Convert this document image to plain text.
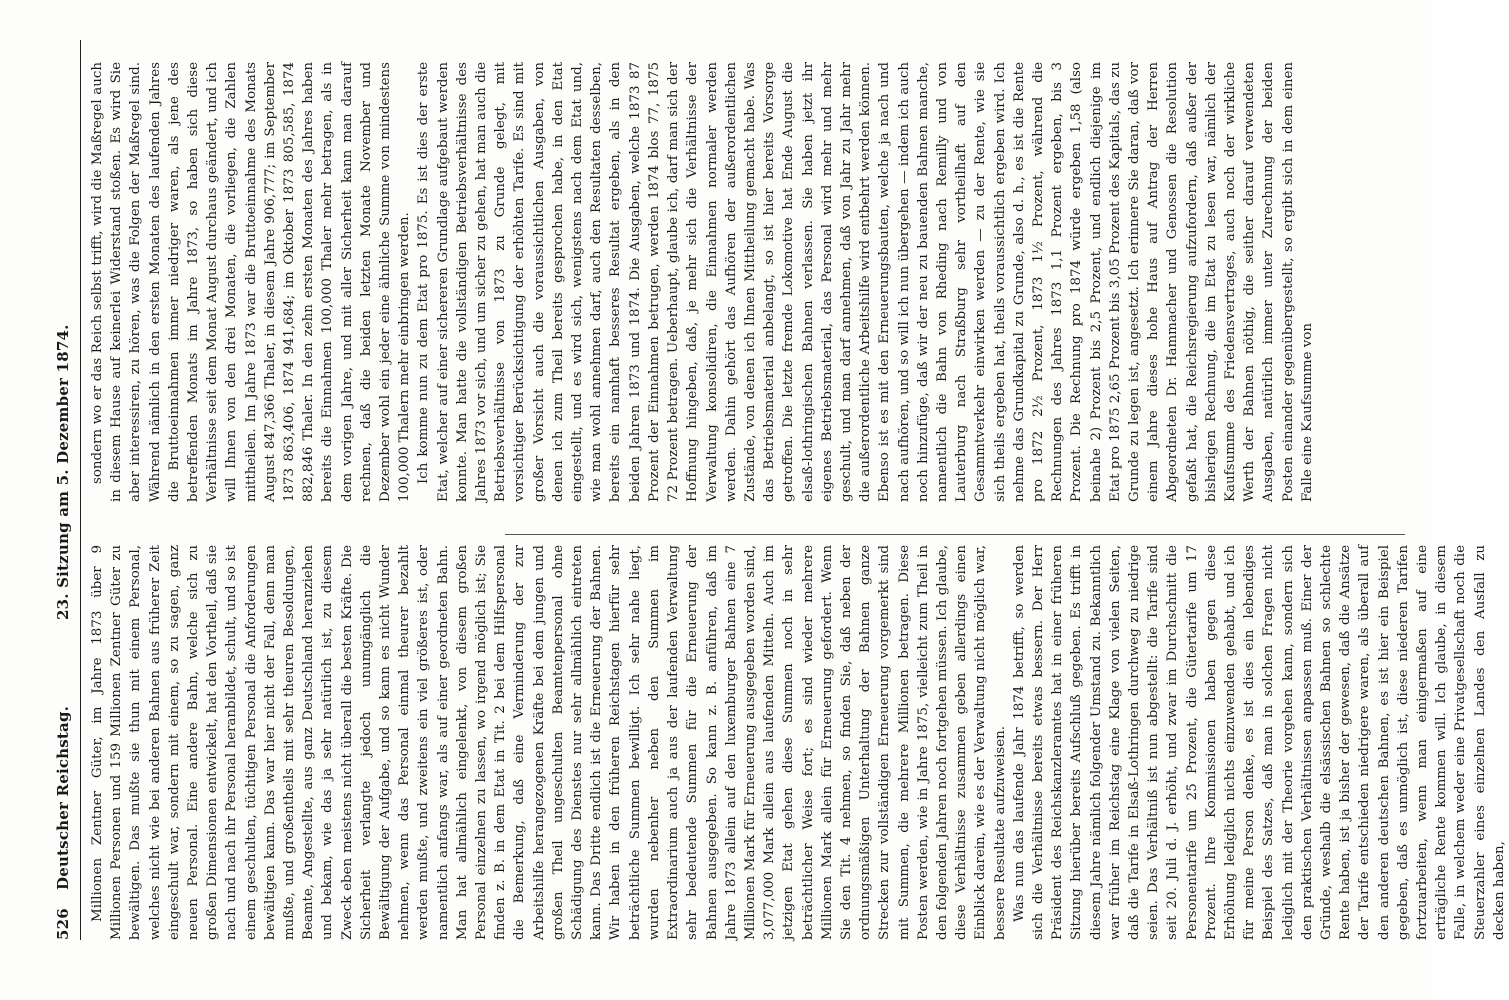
526
Deutscher Reichstag.
23. Sitzung am 5. Dezember 1874.

Millionen Zentner Güter, im Jahre 1873 über 9 Millionen Personen und 159 Millionen Zentner Güter zu bewältigen. Das mußte sie thun mit einem Personal, welches nicht wie bei anderen Bahnen aus früherer Zeit eingeschult war, sondern mit einem, so zu sagen, ganz neuen Personal. Eine andere Bahn, welche sich zu großen Dimensionen entwickelt, hat den Vortheil, daß sie nach und nach ihr Personal heranbildet, schult, und so ist einem geschulten, tüchtigen Personal die Anforderungen bewältigen kann. Das war hier nicht der Fall, denn man mußte, und großentheils mit sehr theuren Besoldungen, Beamte, Angestellte, aus ganz Deutschland heranziehen und bekam, wie das ja sehr natürlich ist, zu diesem Zweck eben meistens nicht überall die besten Kräfte. Die Sicherheit verlangte jedoch unumgänglich die Bewältigung der Aufgabe, und so kann es nicht Wunder nehmen, wenn das Personal einmal theurer bezahlt werden mußte, und zweitens ein viel größeres ist, oder namentlich anfangs war, als auf einer geordneten Bahn. Man hat allmählich eingelenkt, von diesem großen Personal einzelnen zu lassen, wo irgend möglich ist; Sie finden z. B. in dem Etat in Tit. 2 bei dem Hilfspersonal die Bemerkung, daß eine Verminderung der zur Arbeitshilfe herangezogenen Kräfte bei dem jungen und großen Theil ungeschulten Beamtenpersonal ohne Schädigung des Dienstes nur sehr allmählich eintreten kann. Das Dritte endlich ist die Erneuerung der Bahnen. Wir haben in den früheren Reichstagen hierfür sehr beträchtliche Summen bewilligt. Ich sehr nahe liegt, wurden nebenher neben den Summen im Extraordinarium auch ja aus der laufenden Verwaltung sehr bedeutende Summen für die Erneuerung der Bahnen ausgegeben. So kann z. B. anführen, daß im Jahre 1873 allein auf den luxemburger Bahnen eine 7 Millionen Mark für Erneuerung ausgegeben worden sind, 3,077,000 Mark allein aus laufenden Mitteln. Auch im jetzigen Etat gehen diese Summen noch in sehr beträchtlicher Weise fort; es sind wieder mehrere Millionen Mark allein für Erneuerung gefordert. Wenn Sie den Tit. 4 nehmen, so finden Sie, daß neben der ordnungsmäßigen Unterhaltung der Bahnen ganze Strecken zur vollständigen Erneuerung vorgemerkt sind mit Summen, die mehrere Millionen betragen. Diese Posten werden, wie in Jahre 1875, vielleicht zum Theil in den folgenden Jahren noch fortgehen müssen. Ich glaube, diese Verhältnisse zusammen geben allerdings einen Einblick darein, wie es der Verwaltung nicht möglich war, bessere Resultate aufzuweisen. Was nun das laufende Jahr 1874 betrifft, so werden sich die Verhältnisse bereits etwas bessern. Der Herr Präsident des Reichskanzleramtes hat in einer früheren Sitzung hierüber bereits Aufschluß gegeben. Es trifft in diesem Jahre nämlich folgender Umstand zu. Bekanntlich war früher im Reichstag eine Klage von vielen Seiten, daß die Tarife in Elsaß-Lothringen durchweg zu niedrige seien. Das Verhältniß ist nun abgestellt: die Tarife sind seit 20. Juli d. J. erhöht, und zwar im Durchschnitt die Personentarife um 25 Prozent, die Gütertarife um 17 Prozent. Ihre Kommissionen haben gegen diese Erhöhung lediglich nichts einzuwenden gehabt, und ich für meine Person denke, es ist dies ein lebendiges Beispiel des Satzes, daß man in solchen Fragen nicht lediglich mit der Theorie vorgehen kann, sondern sich den praktischen Verhältnissen anpassen muß. Einer der Gründe, weshalb die elsässischen Bahnen so schlechte Rente haben, ist ja bisher der gewesen, daß die Ansätze der Tarife entschieden niedrigere waren, als überall auf den anderen deutschen Bahnen, es ist hier ein Beispiel gegeben, daß es unmöglich ist, diese niederen Tarifen fortzuarbeiten, wenn man einigermaßen auf eine erträgliche Rente kommen will. Ich glaube, in diesem Falle, in welchem weder eine Privatgesellschaft noch die Steuerzahler eines einzelnen Landes den Ausfall zu decken haben,

sondern wo er das Reich selbst trifft, wird die Maßregel auch in diesem Hause auf keinerlei Widerstand stoßen. Es wird Sie aber interessiren, zu hören, was die Folgen der Maßregel sind. Während nämlich in den ersten Monaten des laufenden Jahres die Bruttoeinnahmen immer niedriger waren, als jene des betreffenden Monats im Jahre 1873, so haben sich diese Verhältnisse seit dem Monat August durchaus geändert, und ich will Ihnen von den drei Monaten, die vorliegen, die Zahlen mittheilen. Im Jahre 1873 war die Bruttoeinnahme des Monats August 847,366 Thaler, in diesem Jahre 906,777; im September 1873 863,406, 1874 941,684; im Oktober 1873 805,585, 1874 882,846 Thaler. In den zehn ersten Monaten des Jahres haben bereits die Einnahmen 100,000 Thaler mehr betragen, als in dem vorigen Jahre, und mit aller Sicherheit kann man darauf rechnen, daß die beiden letzten Monate November und Dezember wohl ein jeder eine ähnliche Summe von mindestens 100,000 Thalern mehr einbringen werden. Ich komme nun zu dem Etat pro 1875. Es ist dies der erste Etat, welcher auf einer sichereren Grundlage aufgebaut werden konnte. Man hatte die vollständigen Betriebsverhältnisse des Jahres 1873 vor sich, und um sicher zu gehen, hat man auch die Betriebsverhältnisse von 1873 zu Grunde gelegt, mit vorsichtiger Berücksichtigung der erhöhten Tarife. Es sind mit großer Vorsicht auch die voraussichtlichen Ausgaben, von denen ich zum Theil bereits gesprochen habe, in den Etat eingestellt, und es wird sich, wenigstens nach dem Etat und, wie man wohl annehmen darf, auch den Resultaten desselben, bereits ein namhaft besseres Resultat ergeben, als in den beiden Jahren 1873 und 1874. Die Ausgaben, welche 1873 87 Prozent der Einnahmen betrugen, werden 1874 blos 77, 1875 72 Prozent betragen. Ueberhaupt, glaube ich, darf man sich der Hoffnung hingeben, daß, je mehr sich die Verhältnisse der Verwaltung konsolidiren, die Einnahmen normaler werden werden. Dahin gehört das Aufhören der außerordentlichen Zustände, von denen ich Ihnen Mittheilung gemacht habe. Was das Betriebsmaterial anbelangt, so ist hier bereits Vorsorge getroffen. Die letzte fremde Lokomotive hat Ende August die elsaß-lothringischen Bahnen verlassen. Sie haben jetzt ihr eigenes Betriebsmaterial, das Personal wird mehr und mehr geschult, und man darf annehmen, daß von Jahr zu Jahr mehr die außerordentliche Arbeitshilfe wird entbehrt werden können. Ebenso ist es mit den Erneuerungsbauten, welche ja nach und nach aufhören, und so will ich nun übergehen — indem ich auch noch hinzufüge, daß wir der neu zu bauenden Bahnen manche, namentlich die Bahn von Rheding nach Remilly und von Lauterburg nach Straßburg sehr vortheilhaft auf den Gesammtverkehr einwirken werden — zu der Rente, wie sie sich theils ergeben hat, theils voraussichtlich ergeben wird. Ich nehme das Grundkapital zu Grunde, also d. h., es ist die Rente pro 1872 2½ Prozent, 1873 1½ Prozent, während die Rechnungen des Jahres 1873 1,1 Prozent ergeben, bis 3 Prozent. Die Rechnung pro 1874 würde ergeben 1,58 (also beinahe 2) Prozent bis 2,5 Prozent, und endlich diejenige im Etat pro 1875 2,65 Prozent bis 3,05 Prozent des Kapitals, das zu Grunde zu legen ist, angesetzt. Ich erinnere Sie daran, daß vor einem Jahre dieses hohe Haus auf Antrag der Herren Abgeordneten Dr. Hammacher und Genossen die Resolution gefaßt hat, die Reichsregierung aufzufordern, daß außer der bisherigen Rechnung, die im Etat zu lesen war, nämlich der Kaufsumme des Friedensvertrages, auch noch der wirkliche Werth der Bahnen nöthig, die seither darauf verwendeten Ausgaben, natürlich immer unter Zurechnung der beiden Posten einander gegenübergestellt, so ergibt sich in dem einen Falle eine Kaufsumme von
